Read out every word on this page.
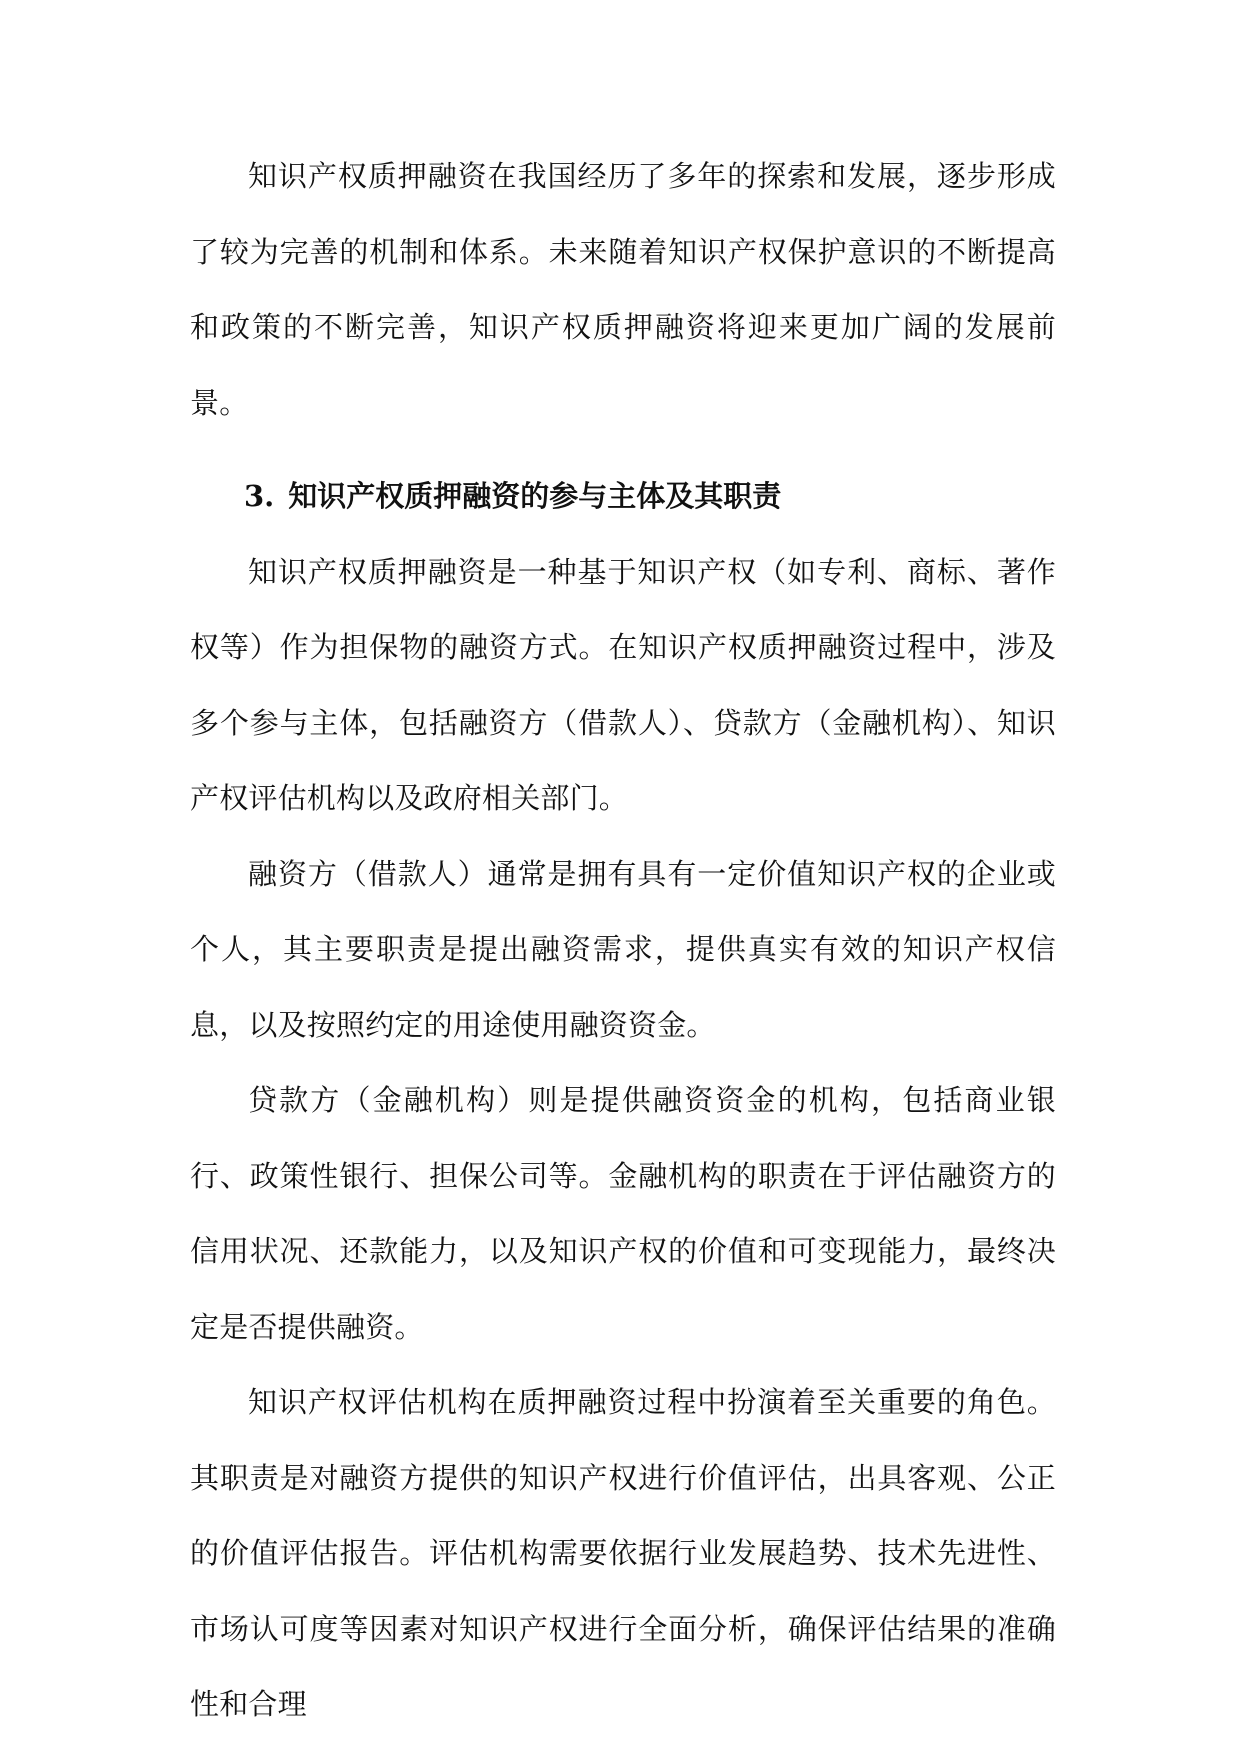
知识产权质押融资在我国经历了多年的探索和发展，逐步形成了较为完善的机制和体系。未来随着知识产权保护意识的不断提高和政策的不断完善，知识产权质押融资将迎来更加广阔的发展前景。

3. 知识产权质押融资的参与主体及其职责

知识产权质押融资是一种基于知识产权（如专利、商标、著作权等）作为担保物的融资方式。在知识产权质押融资过程中，涉及多个参与主体，包括融资方（借款人）、贷款方（金融机构）、知识产权评估机构以及政府相关部门。

融资方（借款人）通常是拥有具有一定价值知识产权的企业或个人，其主要职责是提出融资需求，提供真实有效的知识产权信息，以及按照约定的用途使用融资资金。

贷款方（金融机构）则是提供融资资金的机构，包括商业银行、政策性银行、担保公司等。金融机构的职责在于评估融资方的信用状况、还款能力，以及知识产权的价值和可变现能力，最终决定是否提供融资。

知识产权评估机构在质押融资过程中扮演着至关重要的角色。其职责是对融资方提供的知识产权进行价值评估，出具客观、公正的价值评估报告。评估机构需要依据行业发展趋势、技术先进性、市场认可度等因素对知识产权进行全面分析，确保评估结果的准确性和合理
